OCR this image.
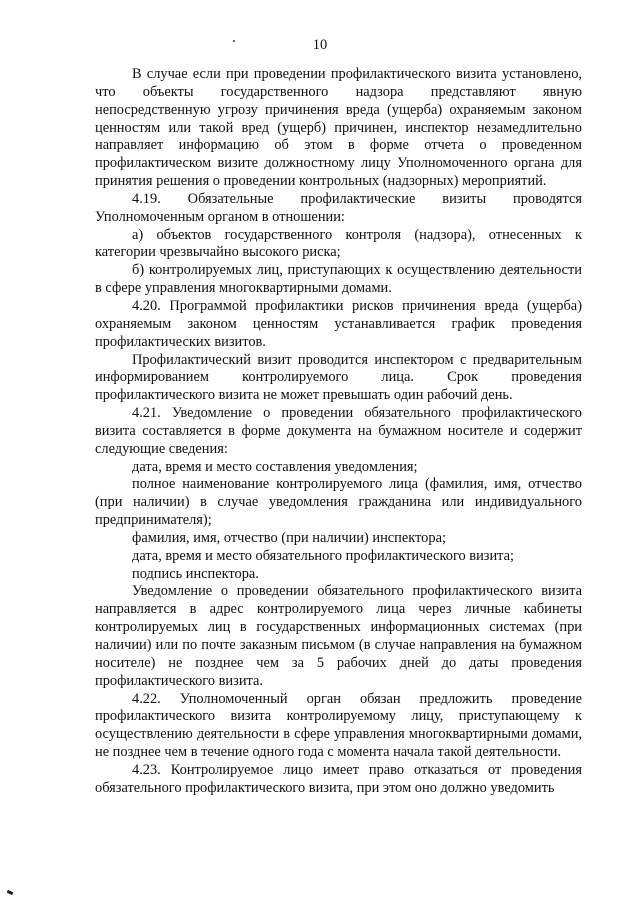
10

В случае если при проведении профилактического визита установлено, что объекты государственного надзора представляют явную непосредственную угрозу причинения вреда (ущерба) охраняемым законом ценностям или такой вред (ущерб) причинен, инспектор незамедлительно направляет информацию об этом в форме отчета о проведенном профилактическом визите должностному лицу Уполномоченного органа для принятия решения о проведении контрольных (надзорных) мероприятий.

4.19. Обязательные профилактические визиты проводятся Уполномоченным органом в отношении:

а) объектов государственного контроля (надзора), отнесенных к категории чрезвычайно высокого риска;

б) контролируемых лиц, приступающих к осуществлению деятельности в сфере управления многоквартирными домами.

4.20. Программой профилактики рисков причинения вреда (ущерба) охраняемым законом ценностям устанавливается график проведения профилактических визитов.

Профилактический визит проводится инспектором с предварительным информированием контролируемого лица. Срок проведения профилактического визита не может превышать один рабочий день.

4.21. Уведомление о проведении обязательного профилактического визита составляется в форме документа на бумажном носителе и содержит следующие сведения:

дата, время и место составления уведомления;

полное наименование контролируемого лица (фамилия, имя, отчество (при наличии) в случае уведомления гражданина или индивидуального предпринимателя);

фамилия, имя, отчество (при наличии) инспектора;

дата, время и место обязательного профилактического визита;

подпись инспектора.

Уведомление о проведении обязательного профилактического визита направляется в адрес контролируемого лица через личные кабинеты контролируемых лиц в государственных информационных системах (при наличии) или по почте заказным письмом (в случае направления на бумажном носителе) не позднее чем за 5 рабочих дней до даты проведения профилактического визита.

4.22. Уполномоченный орган обязан предложить проведение профилактического визита контролируемому лицу, приступающему к осуществлению деятельности в сфере управления многоквартирными домами, не позднее чем в течение одного года с момента начала такой деятельности.

4.23. Контролируемое лицо имеет право отказаться от проведения обязательного профилактического визита, при этом оно должно уведомить
